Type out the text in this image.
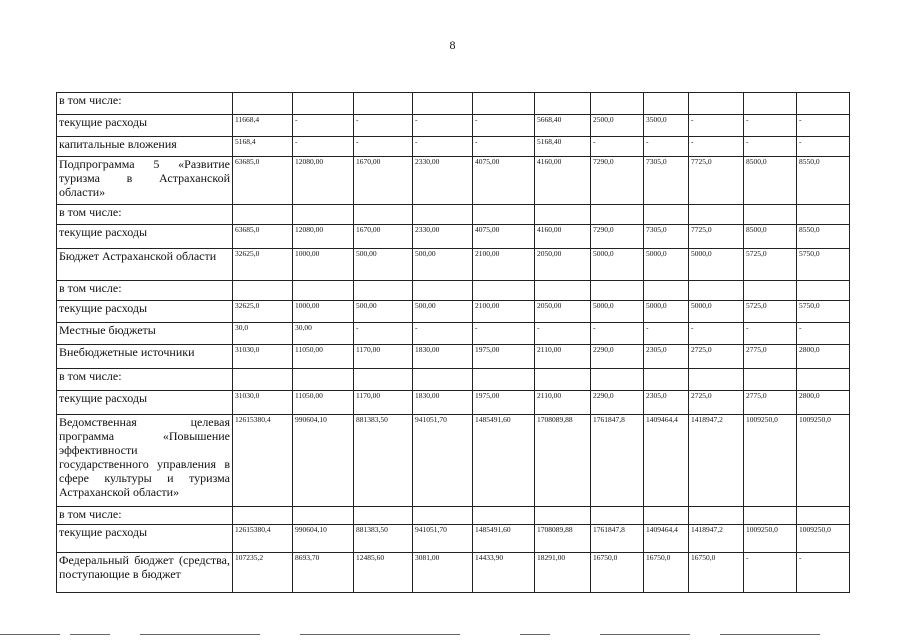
8
в том числе:											
текущие расходы	11668,4	-	-	-	-	5668,40	2500,0	3500,0	-	-	-
капитальные вложения	5168,4	-	-	-	-	5168,40	-	-	-	-	-
Подпрограмма 5 «Развитие туризма в Астраханской области»	63685,0	12080,00	1670,00	2330,00	4075,00	4160,00	7290,0	7305,0	7725,0	8500,0	8550,0
в том числе:											
текущие расходы	63685,0	12080,00	1670,00	2330,00	4075,00	4160,00	7290,0	7305,0	7725,0	8500,0	8550,0
Бюджет Астраханской области	32625,0	1000,00	500,00	500,00	2100,00	2050,00	5000,0	5000,0	5000,0	5725,0	5750,0
в том числе:											
текущие расходы	32625,0	1000,00	500,00	500,00	2100,00	2050,00	5000,0	5000,0	5000,0	5725,0	5750,0
Местные бюджеты	30,0	30,00	-	-	-	-	-	-	-	-	-
Внебюджетные источники	31030,0	11050,00	1170,00	1830,00	1975,00	2110,00	2290,0	2305,0	2725,0	2775,0	2800,0
в том числе:											
текущие расходы	31030,0	11050,00	1170,00	1830,00	1975,00	2110,00	2290,0	2305,0	2725,0	2775,0	2800,0
Ведомственная целевая программа «Повышение эффективности государственного управления в сфере культуры и туризма Астраханской области»	12615380,4	990604,10	881383,50	941051,70	1485491,60	1708089,88	1761847,8	1409464,4	1418947,2	1009250,0	1009250,0
в том числе:											
текущие расходы	12615380,4	990604,10	881383,50	941051,70	1485491,60	1708089,88	1761847,8	1409464,4	1418947,2	1009250,0	1009250,0
Федеральный бюджет (средства, поступающие в бюджет	107235,2	8693,70	12485,60	3081,00	14433,90	18291,00	16750,0	16750,0	16750,0	-	-
